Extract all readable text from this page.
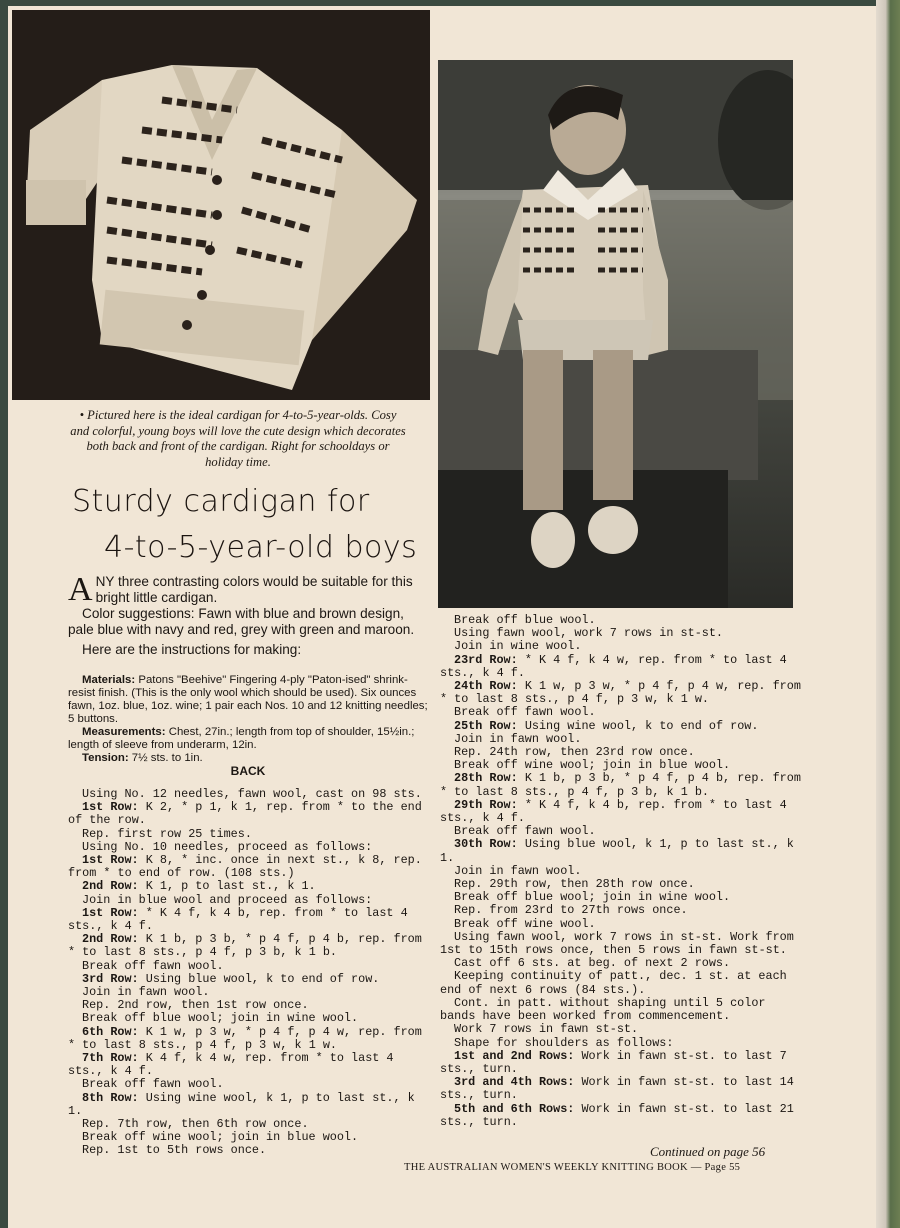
• Pictured here is the ideal cardigan for 4-to-5-year-olds. Cosy and colorful, young boys will love the cute design which decorates both back and front of the cardigan. Right for schooldays or holiday time.
Sturdy cardigan for
4-to-5-year-old boys

ANY three contrasting colors would be suitable for this bright little cardigan.

Color suggestions: Fawn with blue and brown design, pale blue with navy and red, grey with green and maroon.

Here are the instructions for making:

Materials: Patons "Beehive" Fingering 4-ply "Paton-ised" shrink-resist finish. (This is the only wool which should be used). Six ounces fawn, 1oz. blue, 1oz. wine; 1 pair each Nos. 10 and 12 knitting needles; 5 buttons.

Measurements: Chest, 27in.; length from top of shoulder, 15½in.; length of sleeve from underarm, 12in.

Tension: 7½ sts. to 1in.

BACK

Using No. 12 needles, fawn wool, cast on 98 sts.

1st Row: K 2, * p 1, k 1, rep. from * to the end of the row.

Rep. first row 25 times.

Using No. 10 needles, proceed as follows:

1st Row: K 8, * inc. once in next st., k 8, rep. from * to end of row. (108 sts.)

2nd Row: K 1, p to last st., k 1.

Join in blue wool and proceed as follows:

1st Row: * K 4 f, k 4 b, rep. from * to last 4 sts., k 4 f.

2nd Row: K 1 b, p 3 b, * p 4 f, p 4 b, rep. from * to last 8 sts., p 4 f, p 3 b, k 1 b.

Break off fawn wool.

3rd Row: Using blue wool, k to end of row.

Join in fawn wool.

Rep. 2nd row, then 1st row once.

Break off blue wool; join in wine wool.

6th Row: K 1 w, p 3 w, * p 4 f, p 4 w, rep. from * to last 8 sts., p 4 f, p 3 w, k 1 w.

7th Row: K 4 f, k 4 w, rep. from * to last 4 sts., k 4 f.

Break off fawn wool.

8th Row: Using wine wool, k 1, p to last st., k 1.

Rep. 7th row, then 6th row once.

Break off wine wool; join in blue wool.

Rep. 1st to 5th rows once.

Break off blue wool.

Using fawn wool, work 7 rows in st-st.

Join in wine wool.

23rd Row: * K 4 f, k 4 w, rep. from * to last 4 sts., k 4 f.

24th Row: K 1 w, p 3 w, * p 4 f, p 4 w, rep. from * to last 8 sts., p 4 f, p 3 w, k 1 w.

Break off fawn wool.

25th Row: Using wine wool, k to end of row.

Join in fawn wool.

Rep. 24th row, then 23rd row once.

Break off wine wool; join in blue wool.

28th Row: K 1 b, p 3 b, * p 4 f, p 4 b, rep. from * to last 8 sts., p 4 f, p 3 b, k 1 b.

29th Row: * K 4 f, k 4 b, rep. from * to last 4 sts., k 4 f.

Break off fawn wool.

30th Row: Using blue wool, k 1, p to last st., k 1.

Join in fawn wool.

Rep. 29th row, then 28th row once.

Break off blue wool; join in wine wool.

Rep. from 23rd to 27th rows once.

Break off wine wool.

Using fawn wool, work 7 rows in st-st. Work from 1st to 15th rows once, then 5 rows in fawn st-st.

Cast off 6 sts. at beg. of next 2 rows.

Keeping continuity of patt., dec. 1 st. at each end of next 6 rows (84 sts.).

Cont. in patt. without shaping until 5 color bands have been worked from commencement.

Work 7 rows in fawn st-st.

Shape for shoulders as follows:

1st and 2nd Rows: Work in fawn st-st. to last 7 sts., turn.

3rd and 4th Rows: Work in fawn st-st. to last 14 sts., turn.

5th and 6th Rows: Work in fawn st-st. to last 21 sts., turn.

Continued on page 56
THE AUSTRALIAN WOMEN'S WEEKLY KNITTING BOOK — Page 55
